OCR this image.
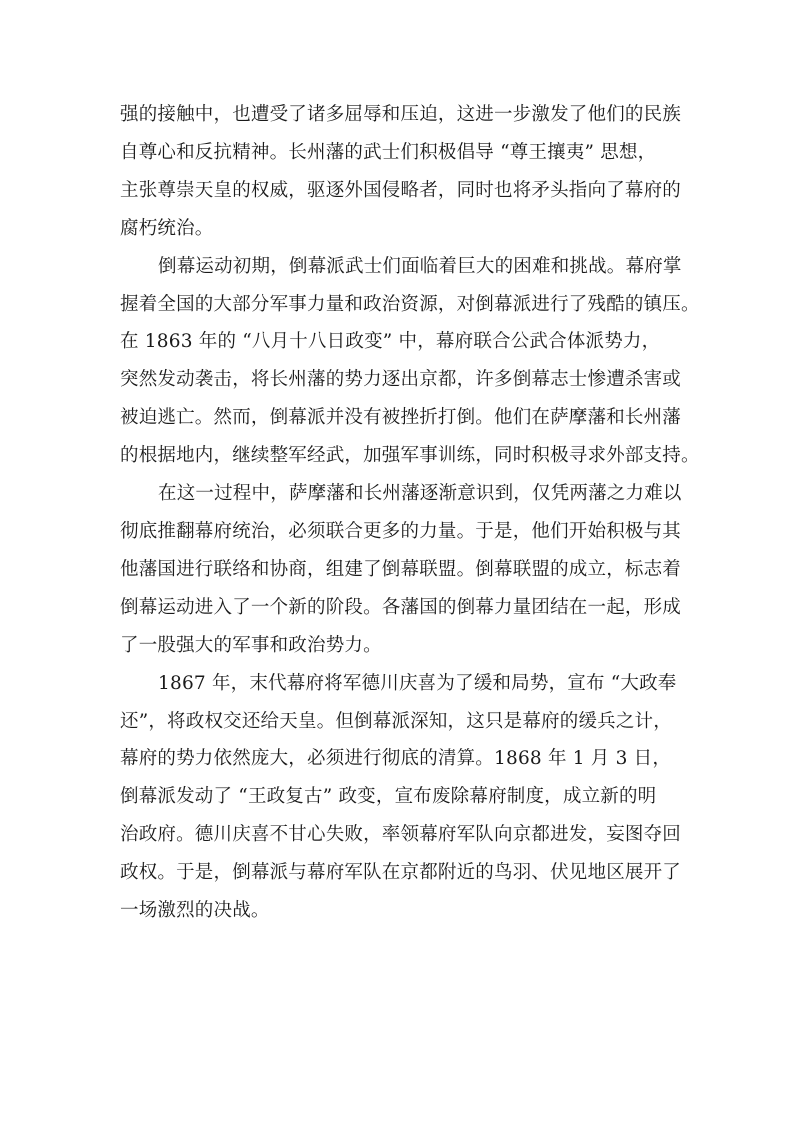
强的接触中，也遭受了诸多屈辱和压迫，这进一步激发了他们的民族
自尊心和反抗精神。长州藩的武士们积极倡导 “尊王攘夷” 思想，
主张尊崇天皇的权威，驱逐外国侵略者，同时也将矛头指向了幕府的
腐朽统治。

倒幕运动初期，倒幕派武士们面临着巨大的困难和挑战。幕府掌
握着全国的大部分军事力量和政治资源，对倒幕派进行了残酷的镇压。
在 1863 年的 “八月十八日政变” 中，幕府联合公武合体派势力，
突然发动袭击，将长州藩的势力逐出京都，许多倒幕志士惨遭杀害或
被迫逃亡。然而，倒幕派并没有被挫折打倒。他们在萨摩藩和长州藩
的根据地内，继续整军经武，加强军事训练，同时积极寻求外部支持。

在这一过程中，萨摩藩和长州藩逐渐意识到，仅凭两藩之力难以
彻底推翻幕府统治，必须联合更多的力量。于是，他们开始积极与其
他藩国进行联络和协商，组建了倒幕联盟。倒幕联盟的成立，标志着
倒幕运动进入了一个新的阶段。各藩国的倒幕力量团结在一起，形成
了一股强大的军事和政治势力。

1867 年，末代幕府将军德川庆喜为了缓和局势，宣布 “大政奉
还”，将政权交还给天皇。但倒幕派深知，这只是幕府的缓兵之计，
幕府的势力依然庞大，必须进行彻底的清算。1868 年 1 月 3 日，
倒幕派发动了 “王政复古” 政变，宣布废除幕府制度，成立新的明
治政府。德川庆喜不甘心失败，率领幕府军队向京都进发，妄图夺回
政权。于是，倒幕派与幕府军队在京都附近的鸟羽、伏见地区展开了
一场激烈的决战。
